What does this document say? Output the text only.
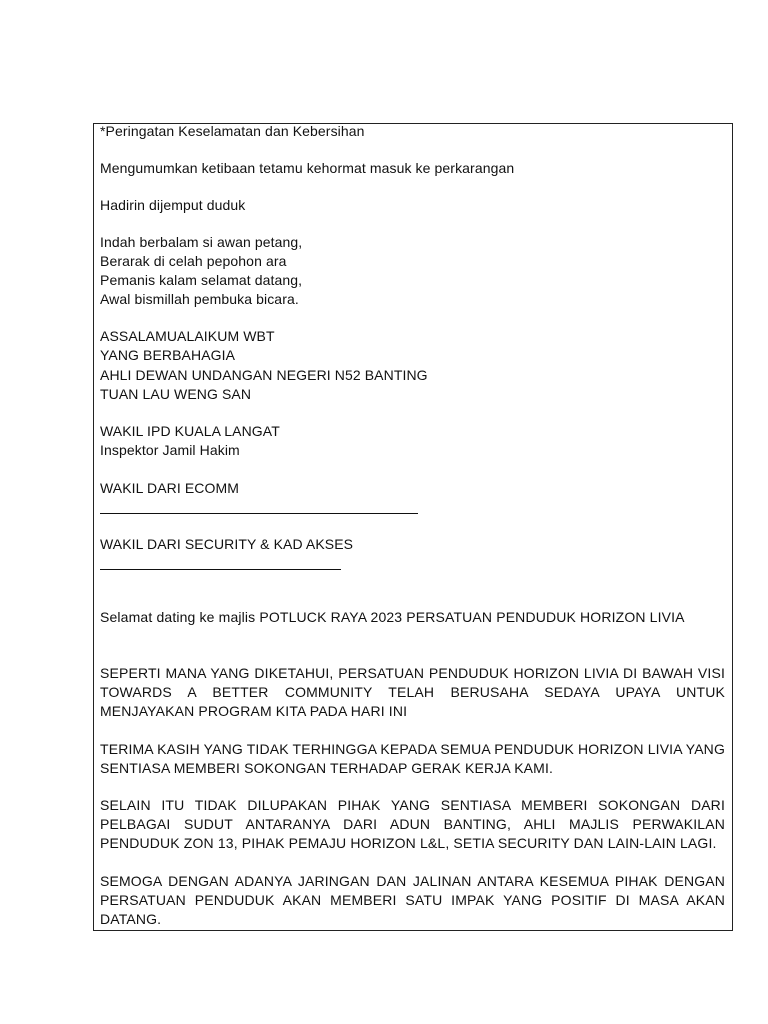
*Peringatan Keselamatan dan Kebersihan
Mengumumkan ketibaan tetamu kehormat masuk ke perkarangan
Hadirin dijemput duduk
Indah berbalam si awan petang,
Berarak di celah pepohon ara
Pemanis kalam selamat datang,
Awal bismillah pembuka bicara.
ASSALAMUALAIKUM WBT
YANG BERBAHAGIA
AHLI DEWAN UNDANGAN NEGERI N52 BANTING
TUAN LAU WENG SAN
WAKIL IPD KUALA LANGAT
Inspektor Jamil Hakim
WAKIL DARI ECOMM
WAKIL DARI SECURITY & KAD AKSES
Selamat dating ke majlis POTLUCK RAYA 2023 PERSATUAN PENDUDUK HORIZON LIVIA
SEPERTI MANA YANG DIKETAHUI, PERSATUAN PENDUDUK HORIZON LIVIA DI BAWAH VISI TOWARDS A BETTER COMMUNITY TELAH BERUSAHA SEDAYA UPAYA UNTUK MENJAYAKAN PROGRAM KITA PADA HARI INI
TERIMA KASIH YANG TIDAK TERHINGGA KEPADA SEMUA PENDUDUK HORIZON LIVIA YANG SENTIASA MEMBERI SOKONGAN TERHADAP GERAK KERJA KAMI.
SELAIN ITU TIDAK DILUPAKAN PIHAK YANG SENTIASA MEMBERI SOKONGAN DARI PELBAGAI SUDUT ANTARANYA DARI ADUN BANTING, AHLI MAJLIS PERWAKILAN PENDUDUK ZON 13, PIHAK PEMAJU HORIZON L&L, SETIA SECURITY DAN LAIN-LAIN LAGI.
SEMOGA DENGAN ADANYA JARINGAN DAN JALINAN ANTARA KESEMUA PIHAK DENGAN PERSATUAN PENDUDUK AKAN MEMBERI SATU IMPAK YANG POSITIF DI MASA AKAN DATANG.
